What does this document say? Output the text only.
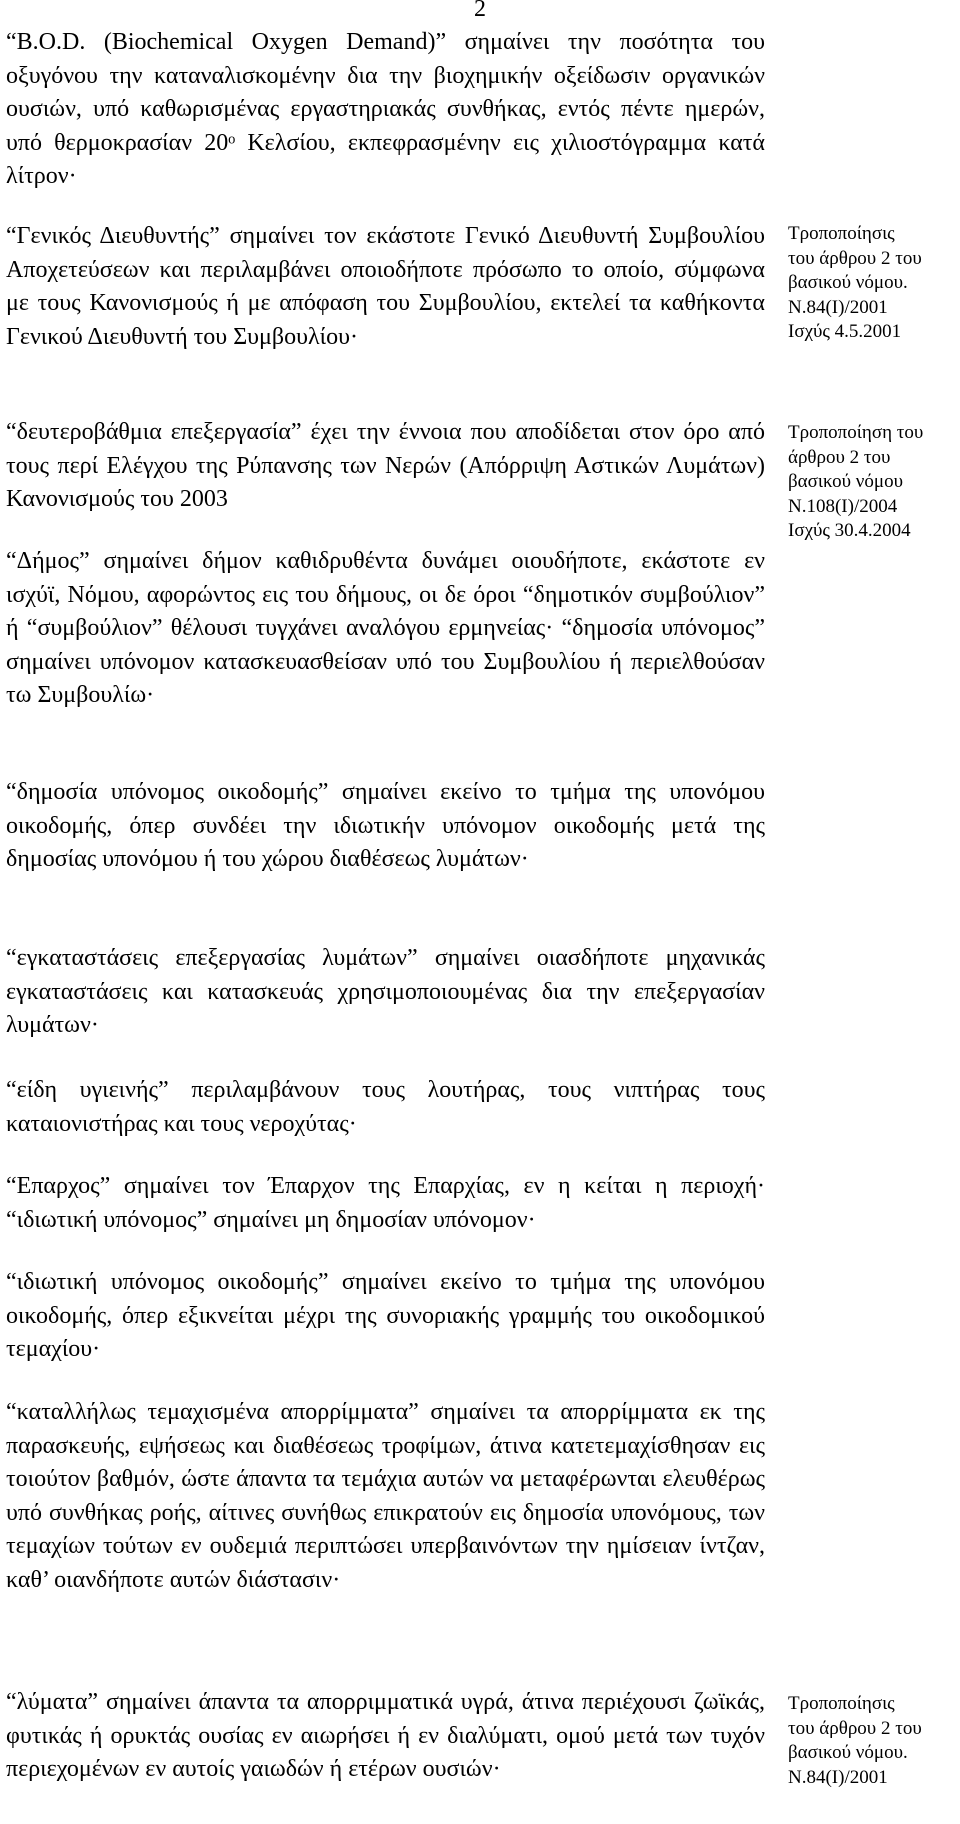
2

“B.O.D. (Biochemical Oxygen Demand)” σημαίνει την ποσότητα του οξυγόνου την καταναλισκομένην δια την βιοχημικήν οξείδωσιν οργανικών ουσιών, υπό καθωρισμένας εργαστηριακάς συνθήκας, εντός πέντε ημερών, υπό θερμοκρασίαν 20ᵒ Κελσίου, εκπεφρασμένην εις χιλιοστόγραμμα κατά λίτρον·

“Γενικός Διευθυντής” σημαίνει τον εκάστοτε Γενικό Διευθυντή Συμβουλίου Αποχετεύσεων και περιλαμβάνει οποιοδήποτε πρόσωπο το οποίο, σύμφωνα με τους Κανονισμούς ή με απόφαση του Συμβουλίου, εκτελεί τα καθήκοντα Γενικού Διευθυντή του Συμβουλίου·

“δευτεροβάθμια επεξεργασία” έχει την έννοια που αποδίδεται στον όρο από τους περί Ελέγχου της Ρύπανσης των Νερών (Απόρριψη Αστικών Λυμάτων) Κανονισμούς του 2003

“Δήμος” σημαίνει δήμον καθιδρυθέντα δυνάμει οιουδήποτε, εκάστοτε εν ισχύϊ, Νόμου, αφορώντος εις του δήμους, οι δε όροι “δημοτικόν συμβούλιον” ή “συμβούλιον” θέλουσι τυγχάνει αναλόγου ερμηνείας· “δημοσία υπόνομος” σημαίνει υπόνομον κατασκευασθείσαν υπό του Συμβουλίου ή περιελθούσαν τω Συμβουλίω·

“δημοσία υπόνομος οικοδομής” σημαίνει εκείνο το τμήμα της υπονόμου οικοδομής, όπερ συνδέει την ιδιωτικήν υπόνομον οικοδομής μετά της δημοσίας υπονόμου ή του χώρου διαθέσεως λυμάτων·

“εγκαταστάσεις επεξεργασίας λυμάτων” σημαίνει οιασδήποτε μηχανικάς εγκαταστάσεις και κατασκευάς χρησιμοποιουμένας δια την επεξεργασίαν λυμάτων·

“είδη υγιεινής” περιλαμβάνουν τους λουτήρας, τους νιπτήρας τους καταιονιστήρας και τους νεροχύτας·

“Επαρχος” σημαίνει τον Έπαρχον της Επαρχίας, εν η κείται η περιοχή· “ιδιωτική υπόνομος” σημαίνει μη δημοσίαν υπόνομον·

“ιδιωτική υπόνομος οικοδομής” σημαίνει εκείνο το τμήμα της υπονόμου οικοδομής, όπερ εξικνείται μέχρι της συνοριακής γραμμής του οικοδομικού τεμαχίου·

“καταλλήλως τεμαχισμένα απορρίμματα” σημαίνει τα απορρίμματα εκ της παρασκευής, εψήσεως και διαθέσεως τροφίμων, άτινα κατετεμαχίσθησαν εις τοιούτον βαθμόν, ώστε άπαντα τα τεμάχια αυτών να μεταφέρωνται ελευθέρως υπό συνθήκας ροής, αίτινες συνήθως επικρατούν εις δημοσία υπονόμους, των τεμαχίων τούτων εν ουδεμιά περιπτώσει υπερβαινόντων την ημίσειαν ίντζαν, καθ’ οιανδήποτε αυτών διάστασιν·

“λύματα” σημαίνει άπαντα τα απορριμματικά υγρά, άτινα περιέχουσι ζωϊκάς, φυτικάς ή ορυκτάς ουσίας εν αιωρήσει ή εν διαλύματι, ομού μετά των τυχόν περιεχομένων εν αυτοίς γαιωδών ή ετέρων ουσιών·

Τροποποίησις
του άρθρου 2 του
βασικού νόμου.
Ν.84(Ι)/2001
Ισχύς 4.5.2001
Τροποποίηση του
άρθρου 2 του
βασικού νόμου
Ν.108(Ι)/2004
Ισχύς 30.4.2004
Τροποποίησις
του άρθρου 2 του
βασικού νόμου.
Ν.84(Ι)/2001
